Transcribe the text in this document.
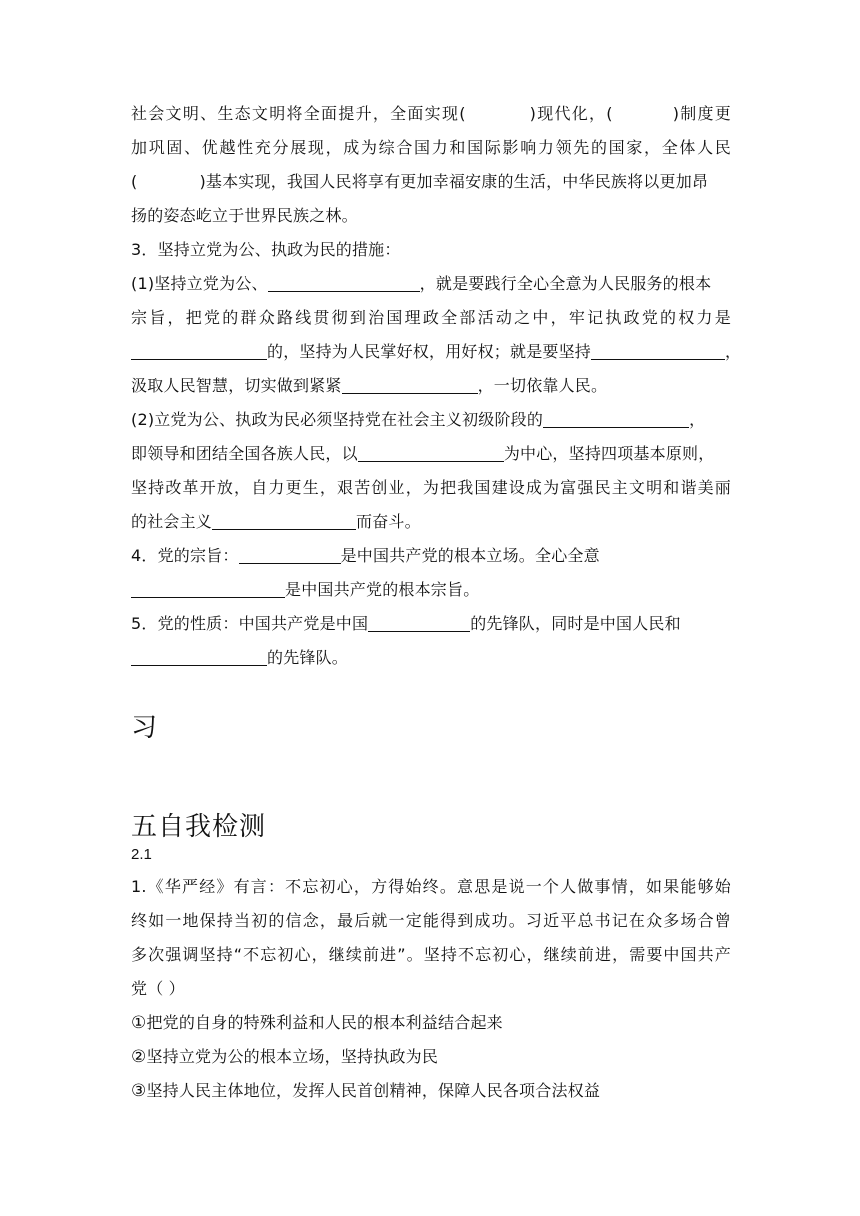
社会文明、生态文明将全面提升，全面实现(	)现代化，(	)制度更
加巩固、优越性充分展现，成为综合国力和国际影响力领先的国家，全体人民
(	)基本实现，我国人民将享有更加幸福安康的生活，中华民族将以更加昂
扬的姿态屹立于世界民族之林。
3．坚持立党为公、执政为民的措施：
(1)坚持立党为公、	，就是要践行全心全意为人民服务的根本
宗旨，把党的群众路线贯彻到治国理政全部活动之中，牢记执政党的权力是
的，坚持为人民掌好权，用好权；就是要坚持	，
汲取人民智慧，切实做到紧紧	，一切依靠人民。
(2)立党为公、执政为民必须坚持党在社会主义初级阶段的	，
即领导和团结全国各族人民，以	为中心，坚持四项基本原则，
坚持改革开放，自力更生，艰苦创业，为把我国建设成为富强民主文明和谐美丽
的社会主义	而奋斗。
4．党的宗旨：	是中国共产党的根本立场。全心全意
是中国共产党的根本宗旨。
5．党的性质：中国共产党是中国	的先锋队，同时是中国人民和
的先锋队。
习
五自我检测
2.1
1.《华严经》有言：不忘初心，方得始终。意思是说一个人做事情，如果能够始
终如一地保持当初的信念，最后就一定能得到成功。习近平总书记在众多场合曾
多次强调坚持“不忘初心，继续前进”。坚持不忘初心，继续前进，需要中国共产
党（ ）
①把党的自身的特殊利益和人民的根本利益结合起来
②坚持立党为公的根本立场，坚持执政为民
③坚持人民主体地位，发挥人民首创精神，保障人民各项合法权益
